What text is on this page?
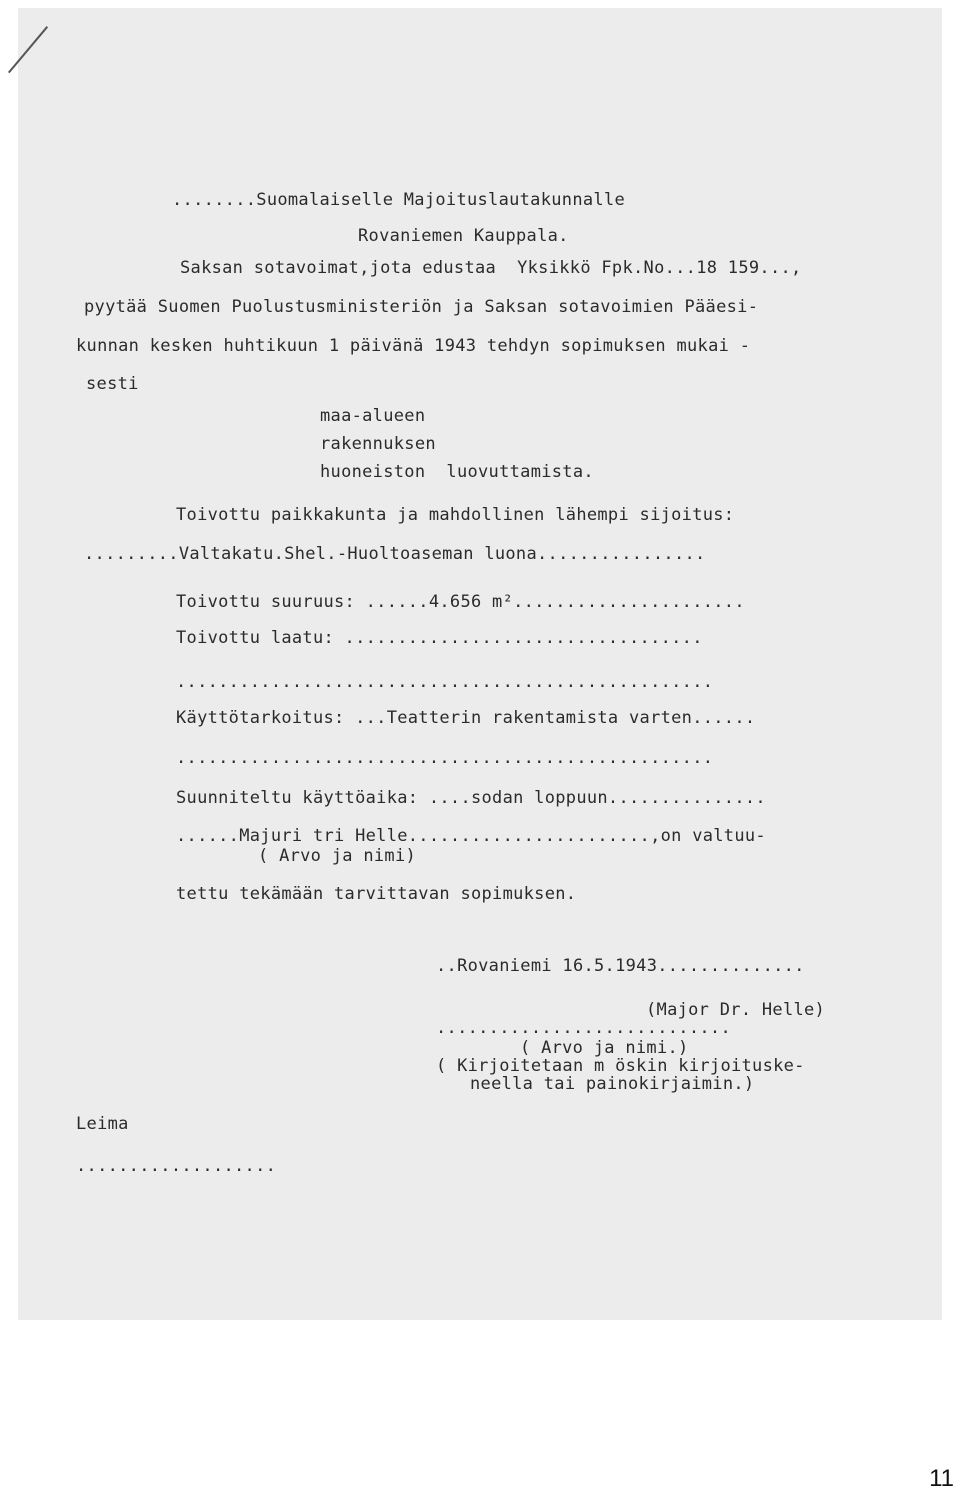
........Suomalaiselle Majoituslautakunnalle
Rovaniemen Kauppala.
Saksan sotavoimat,jota edustaa  Yksikkö Fpk.No...18 159...,
pyytää Suomen Puolustusministeriön ja Saksan sotavoimien Pääesi-
kunnan kesken huhtikuun 1 päivänä 1943 tehdyn sopimuksen mukai -
sesti
maa-alueen
rakennuksen
huoneiston  luovuttamista.
Toivottu paikkakunta ja mahdollinen lähempi sijoitus:
.........Valtakatu.Shel.-Huoltoaseman luona................
Toivottu suuruus: ......4.656 m²......................
Toivottu laatu: ..................................
...................................................
Käyttötarkoitus: ...Teatterin rakentamista varten......
...................................................
Suunniteltu käyttöaika: ....sodan loppuun...............
......Majuri tri Helle.......................,on valtuu-
( Arvo ja nimi)
tettu tekämään tarvittavan sopimuksen.
..Rovaniemi 16.5.1943..............
(Major Dr. Helle)
............................
( Arvo ja nimi.)
( Kirjoitetaan m öskin kirjoituske-
neella tai painokirjaimin.)
Leima
...................
11
